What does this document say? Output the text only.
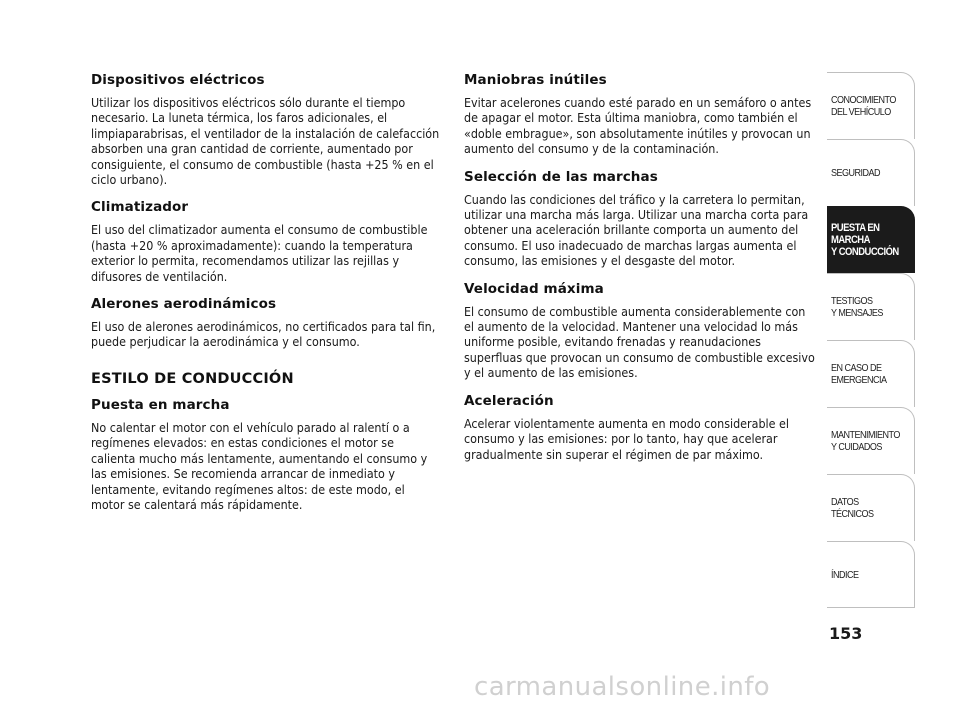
Dispositivos eléctricos
Utilizar los dispositivos eléctricos sólo durante el tiempo necesario. La luneta térmica, los faros adicionales, el limpiaparabrisas, el ventilador de la instalación de calefacción absorben una gran cantidad de corriente, aumentado por consiguiente, el consumo de combustible (hasta +25 % en el ciclo urbano).
Climatizador
El uso del climatizador aumenta el consumo de combustible (hasta +20 % aproximadamente): cuando la temperatura exterior lo permita, recomendamos utilizar las rejillas y difusores de ventilación.
Alerones aerodinámicos
El uso de alerones aerodinámicos, no certificados para tal fin, puede perjudicar la aerodinámica y el consumo.
ESTILO DE CONDUCCIÓN
Puesta en marcha
No calentar el motor con el vehículo parado al ralentí o a regímenes elevados: en estas condiciones el motor se calienta mucho más lentamente, aumentando el consumo y las emisiones. Se recomienda arrancar de inmediato y lentamente, evitando regímenes altos: de este modo, el motor se calentará más rápidamente.
Maniobras inútiles
Evitar acelerones cuando esté parado en un semáforo o antes de apagar el motor. Esta última maniobra, como también el «doble embrague», son absolutamente inútiles y provocan un aumento del consumo y de la contaminación.
Selección de las marchas
Cuando las condiciones del tráfico y la carretera lo permitan, utilizar una marcha más larga. Utilizar una marcha corta para obtener una aceleración brillante comporta un aumento del consumo. El uso inadecuado de marchas largas aumenta el consumo, las emisiones y el desgaste del motor.
Velocidad máxima
El consumo de combustible aumenta considerablemente con el aumento de la velocidad. Mantener una velocidad lo más uniforme posible, evitando frenadas y reanudaciones superfluas que provocan un consumo de combustible excesivo y el aumento de las emisiones.
Aceleración
Acelerar violentamente aumenta en modo considerable el consumo y las emisiones: por lo tanto, hay que acelerar gradualmente sin superar el régimen de par máximo.
CONOCIMIENTO
DEL VEHÍCULO
SEGURIDAD
PUESTA EN
MARCHA
Y CONDUCCIÓN
TESTIGOS
Y MENSAJES
EN CASO DE
EMERGENCIA
MANTENIMIENTO
Y CUIDADOS
DATOS
TÉCNICOS
ÍNDICE
153
carmanualsonline.info
